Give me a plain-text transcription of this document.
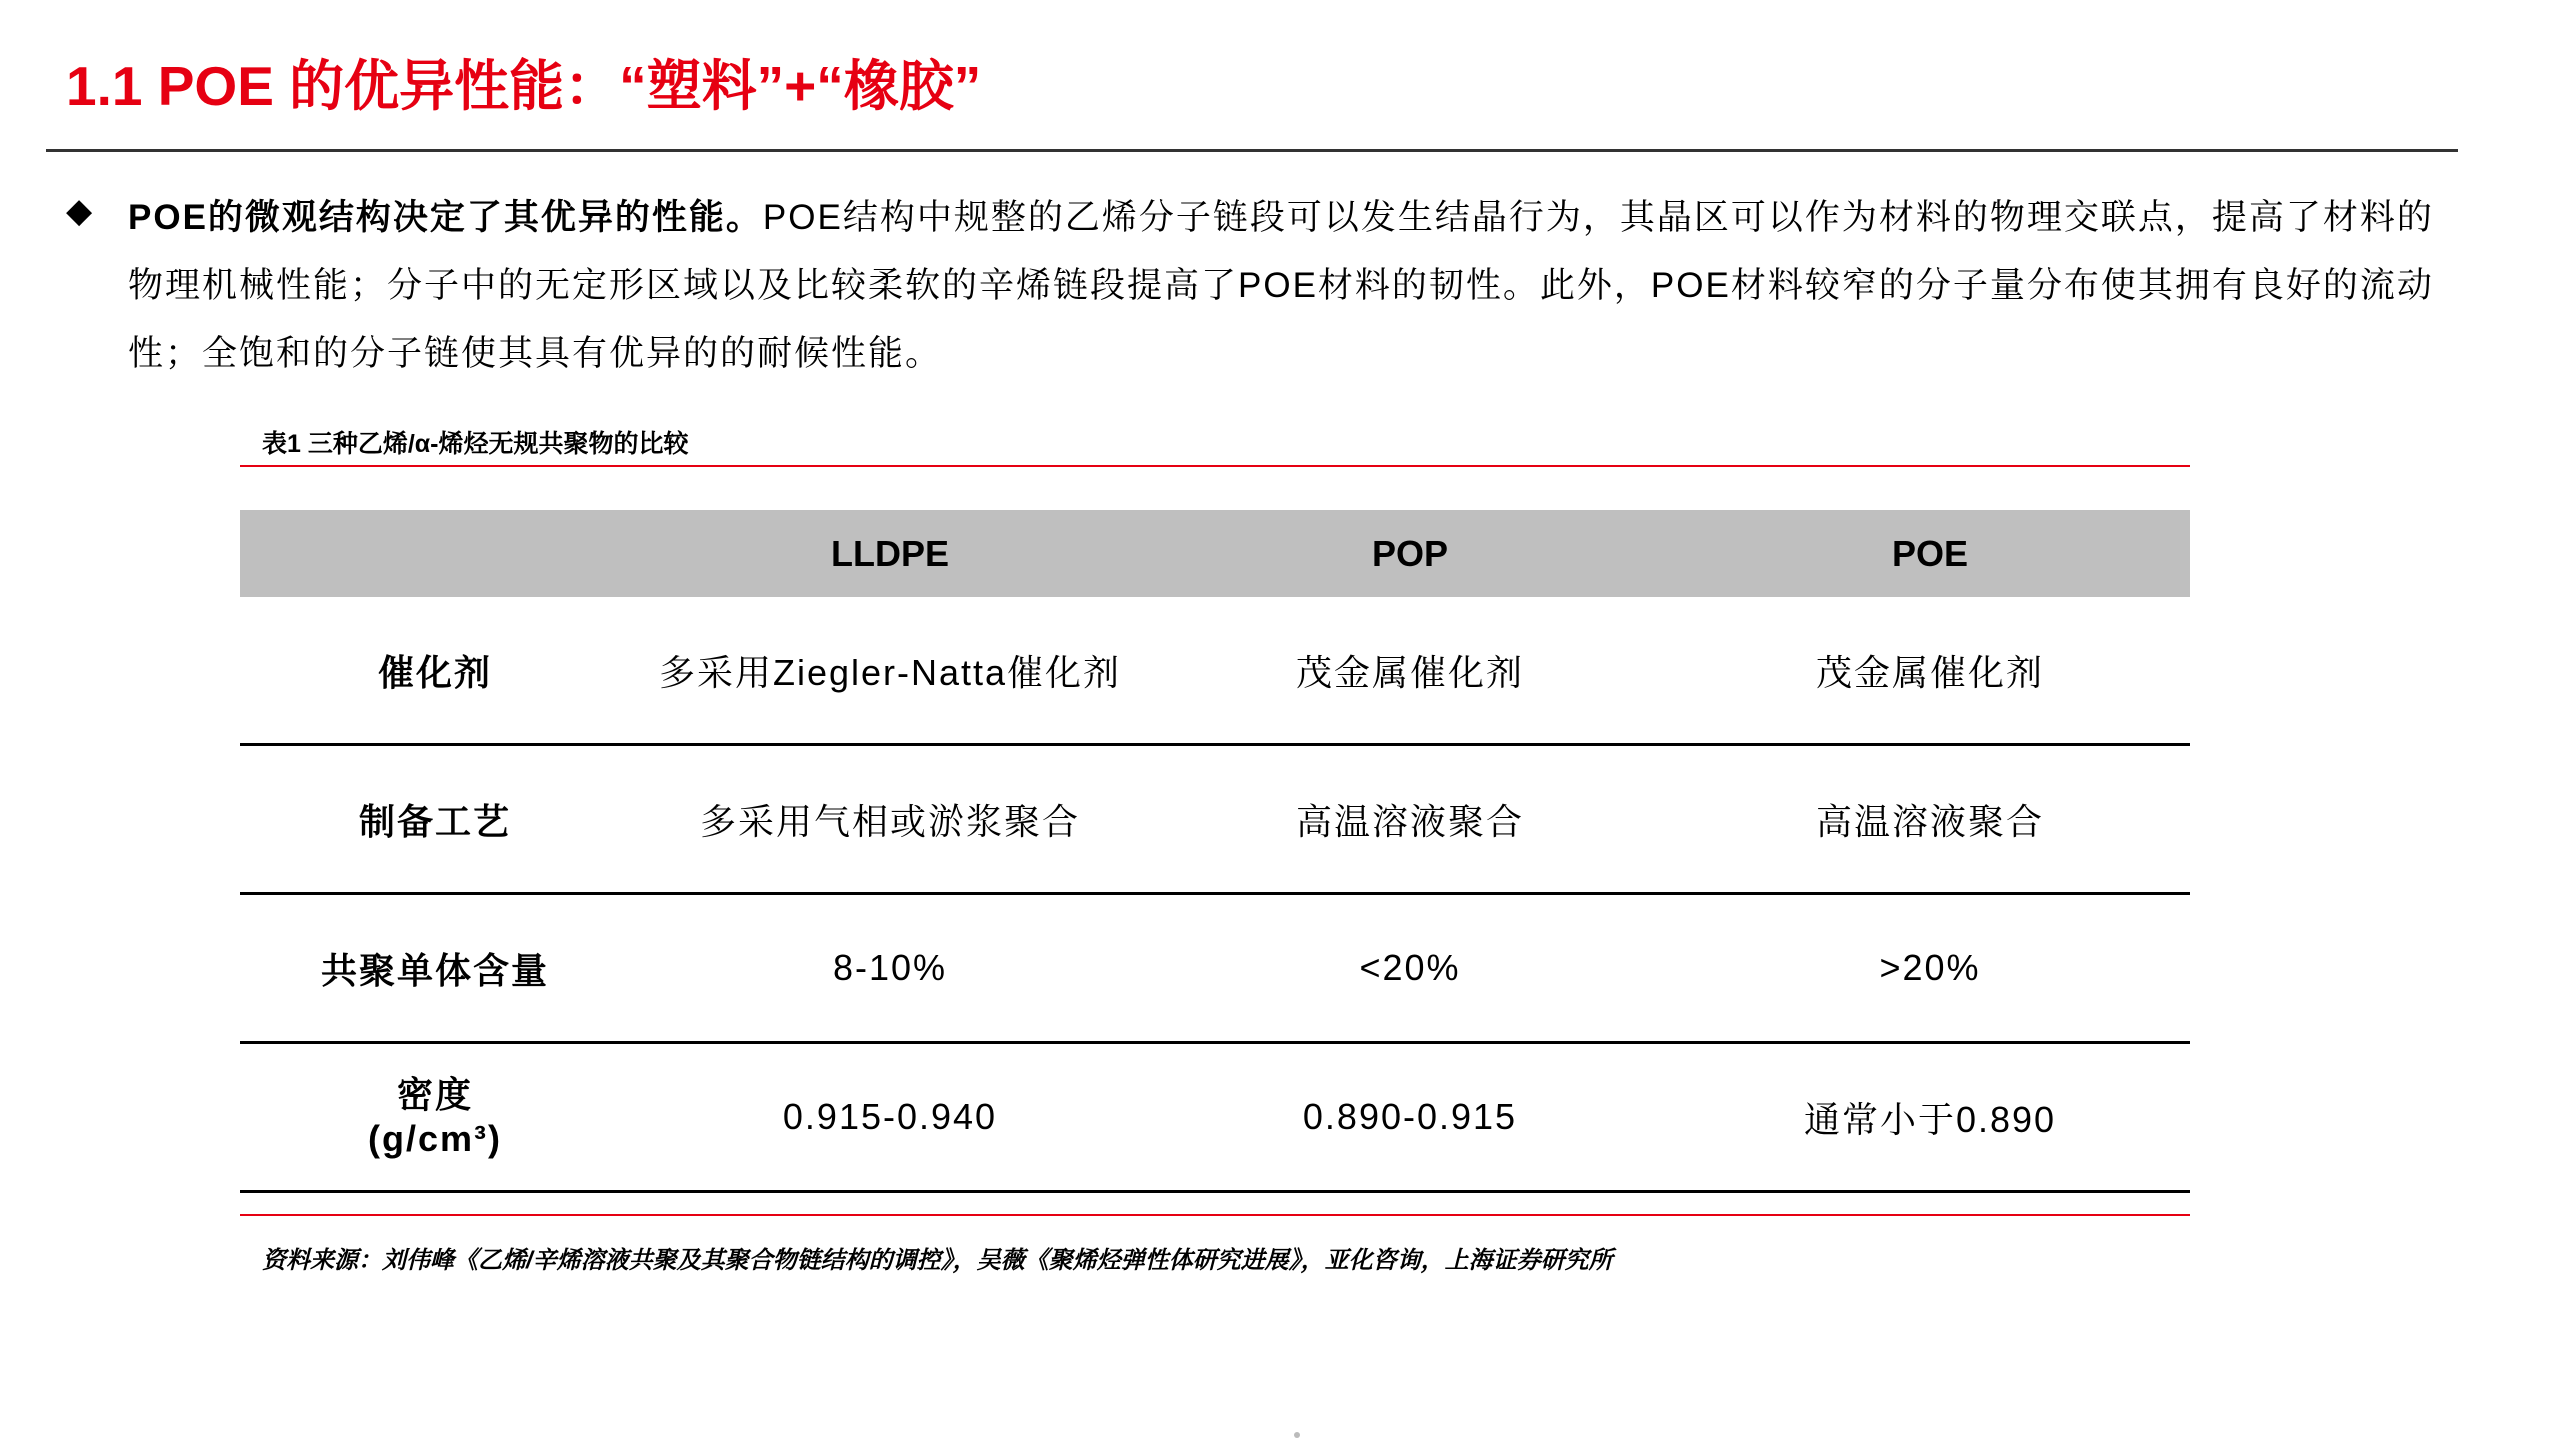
1.1 POE 的优异性能：“塑料”+“橡胶”
◆ POE的微观结构决定了其优异的性能。POE结构中规整的乙烯分子链段可以发生结晶行为，其晶区可以作为材料的物理交联点，提高了材料的物理机械性能；分子中的无定形区域以及比较柔软的辛烯链段提高了POE材料的韧性。此外，POE材料较窄的分子量分布使其拥有良好的流动性；全饱和的分子链使其具有优异的的耐候性能。
表1 三种乙烯/α-烯烃无规共聚物的比较
	LLDPE	POP	POE
催化剂	多采用Ziegler-Natta催化剂	茂金属催化剂	茂金属催化剂
制备工艺	多采用气相或淤浆聚合	高温溶液聚合	高温溶液聚合
共聚单体含量	8-10%	<20%	>20%

密度
(g/cm³)	0.915-0.940	0.890-0.915	通常小于0.890
资料来源：刘伟峰《乙烯/辛烯溶液共聚及其聚合物链结构的调控》，吴薇《聚烯烃弹性体研究进展》，亚化咨询，上海证券研究所
